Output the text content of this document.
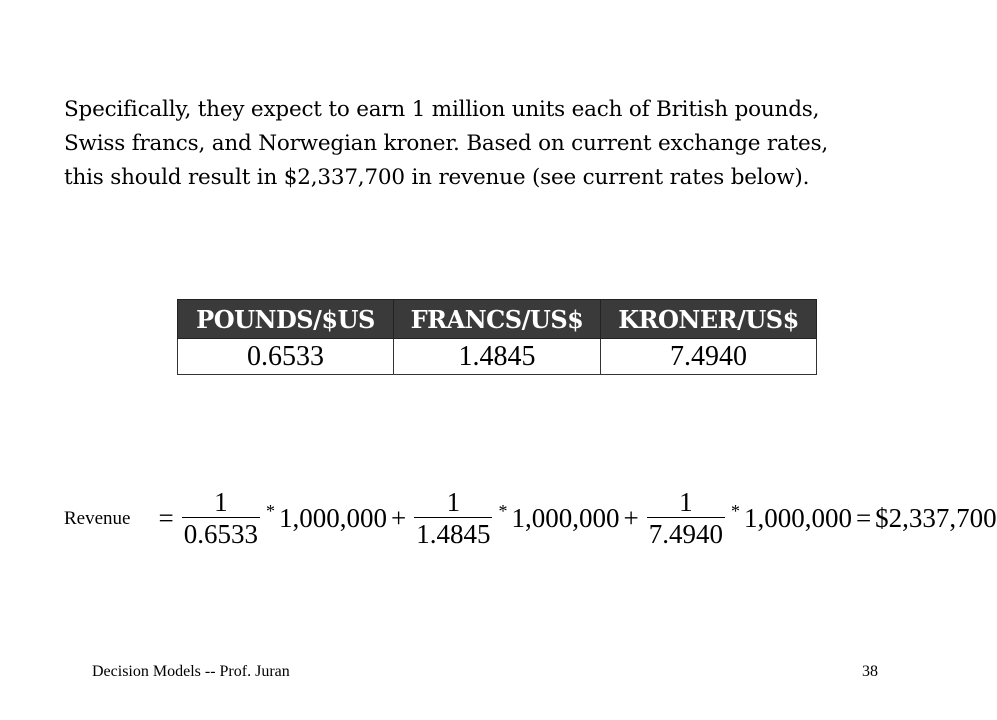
Specifically, they expect to earn 1 million units each of British pounds,
Swiss francs, and Norwegian kroner. Based on current exchange rates,
this should result in $2,337,700 in revenue (see current rates below).
POUNDS/$US	FRANCS/US$	KRONER/US$
0.6533	1.4845	7.4940
Revenue = $\frac{1}{0.6533} * 1,000,000 + \frac{1}{1.4845} * 1,000,000 + \frac{1}{7.4940} * 1,000,000$ = $2,337,700
Decision Models -- Prof. Juran	38
